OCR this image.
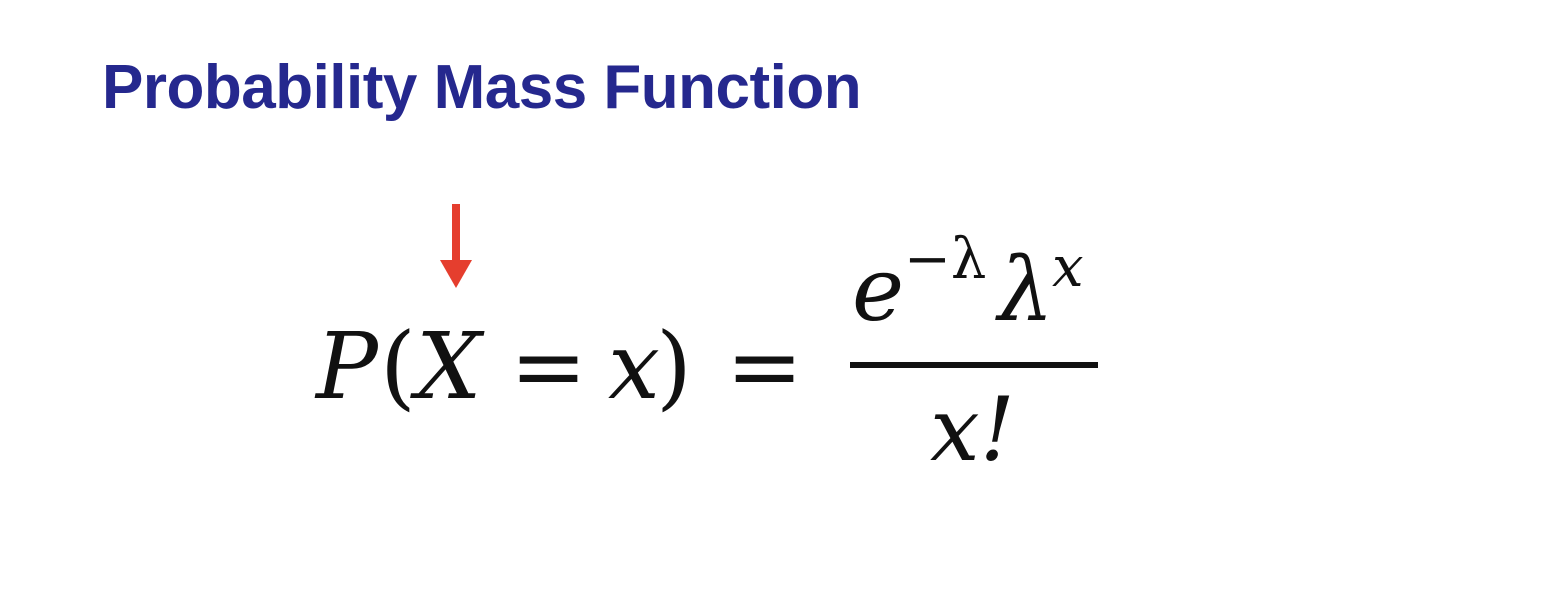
Probability Mass Function
P ( X = x
) =
e −λ λ
x
x!
